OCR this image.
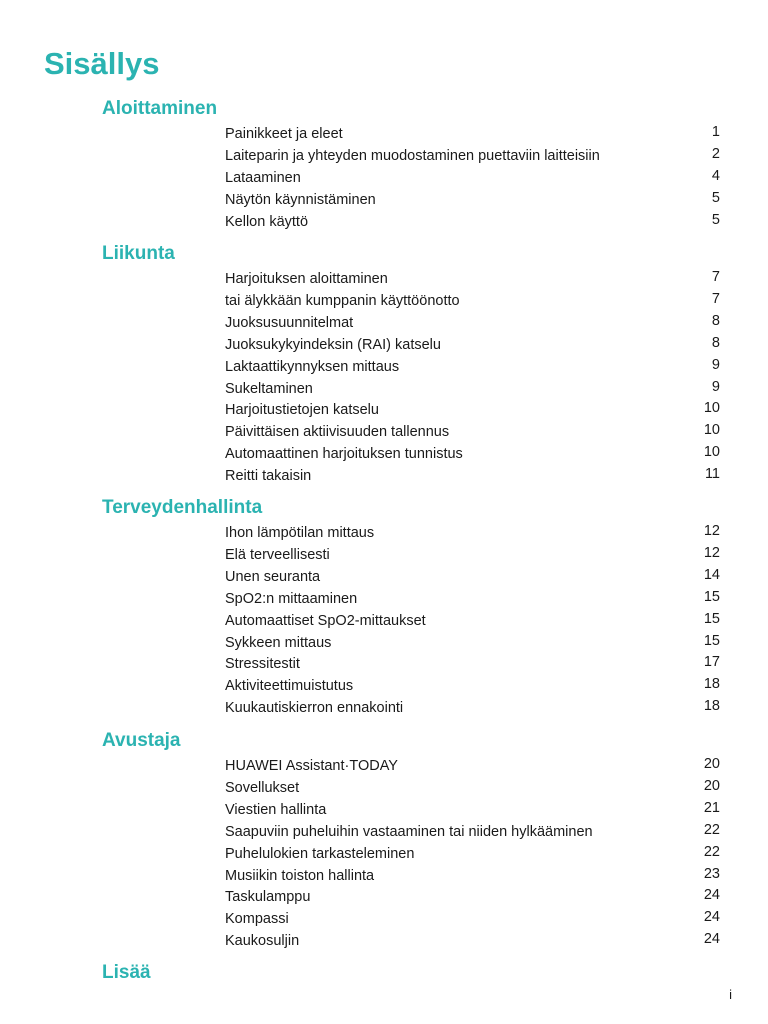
Sisällys
Aloittaminen
Painikkeet ja eleet	1
Laiteparin ja yhteyden muodostaminen puettaviin laitteisiin	2
Lataaminen	4
Näytön käynnistäminen	5
Kellon käyttö	5
Liikunta
Harjoituksen aloittaminen	7
tai älykkään kumppanin käyttöönotto	7
Juoksusuunnitelmat	8
Juoksukykyindeksin (RAI) katselu	8
Laktaattikynnyksen mittaus	9
Sukeltaminen	9
Harjoitustietojen katselu	10
Päivittäisen aktiivisuuden tallennus	10
Automaattinen harjoituksen tunnistus	10
Reitti takaisin	11
Terveydenhallinta
Ihon lämpötilan mittaus	12
Elä terveellisesti	12
Unen seuranta	14
SpO2:n mittaaminen	15
Automaattiset SpO2-mittaukset	15
Sykkeen mittaus	15
Stressitestit	17
Aktiviteettimuistutus	18
Kuukautiskierron ennakointi	18
Avustaja
HUAWEI Assistant·TODAY	20
Sovellukset	20
Viestien hallinta	21
Saapuviin puheluihin vastaaminen tai niiden hylkääminen	22
Puhelulokien tarkasteleminen	22
Musiikin toiston hallinta	23
Taskulamppu	24
Kompassi	24
Kaukosuljin	24
Lisää
i
